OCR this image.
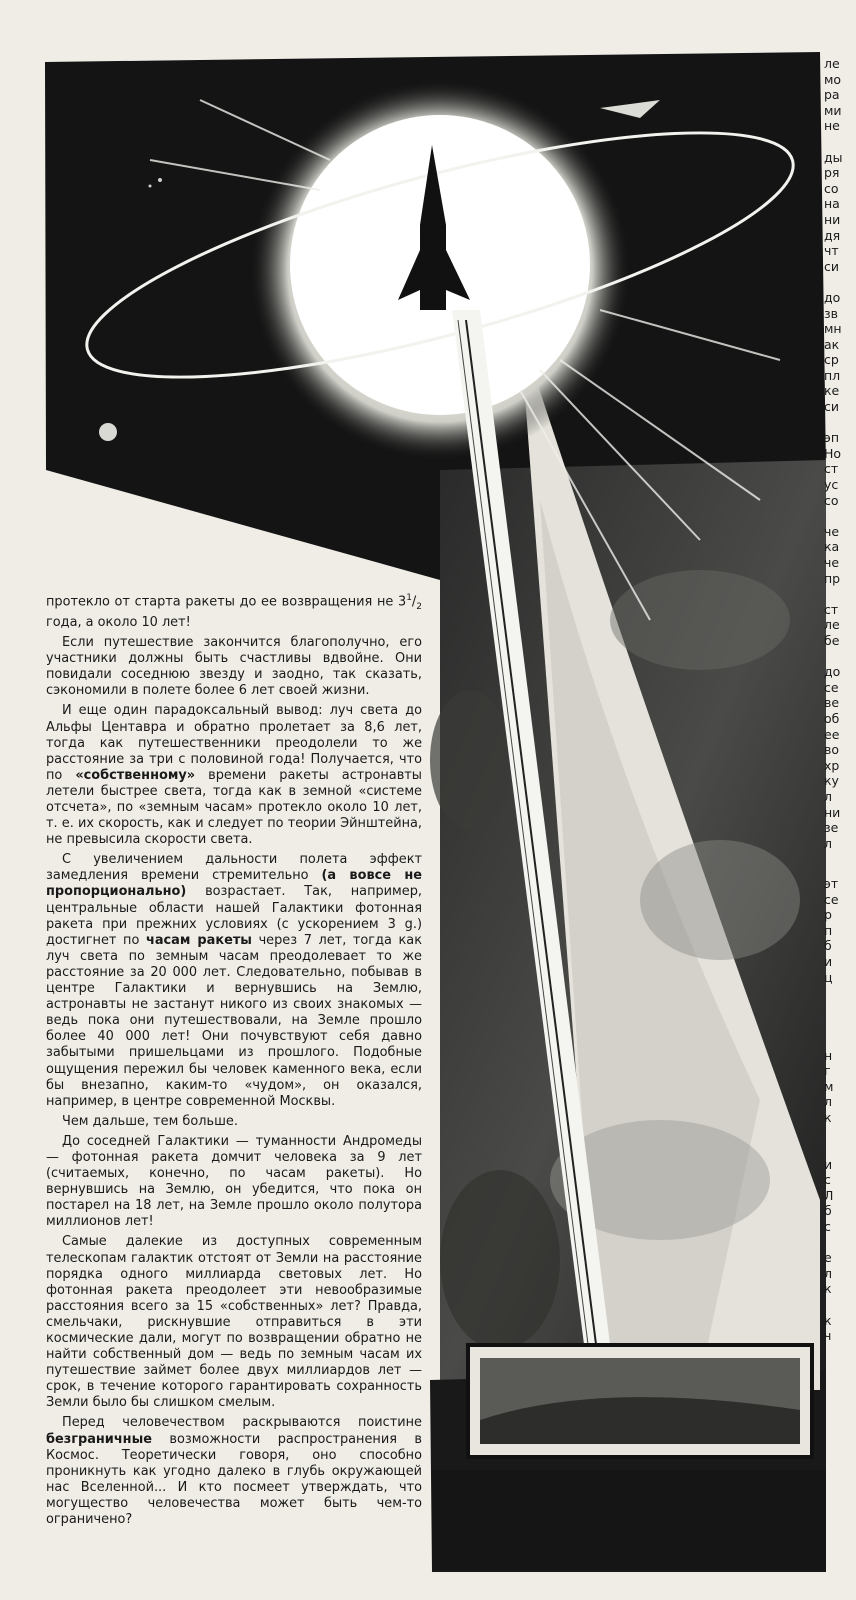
протекло от старта ракеты до ее возвращения не $3^1/_2$ года, а около 10 лет!

Если путешествие закончится благополучно, его участники должны быть счастливы вдвойне. Они повидали соседнюю звезду и заодно, так сказать, сэкономили в полете более 6 лет своей жизни.

И еще один парадоксальный вывод: луч света до Альфы Центавра и обратно пролетает за 8,6 лет, тогда как путешественники преодолели то же расстояние за три с половиной года! Получается, что по «собственному» времени ракеты астронавты летели быстрее света, тогда как в земной «системе отсчета», по «земным часам» протекло около 10 лет, т. е. их скорость, как и следует по теории Эйнштейна, не превысила скорости света.

С увеличением дальности полета эффект замедления времени стремительно (а вовсе не пропорционально) возрастает. Так, например, центральные области нашей Галактики фотонная ракета при прежних условиях (с ускорением 3 g.) достигнет по часам ракеты через 7 лет, тогда как луч света по земным часам преодолевает то же расстояние за 20 000 лет. Следовательно, побывав в центре Галактики и вернувшись на Землю, астронавты не застанут никого из своих знакомых — ведь пока они путешествовали, на Земле прошло более 40 000 лет! Они почувствуют себя давно забытыми пришельцами из прошлого. Подобные ощущения пережил бы человек каменного века, если бы внезапно, каким-то «чудом», он оказался, например, в центре современной Москвы.

Чем дальше, тем больше.

До соседней Галактики — туманности Андромеды — фотонная ракета домчит человека за 9 лет (считаемых, конечно, по часам ракеты). Но вернувшись на Землю, он убедится, что пока он постарел на 18 лет, на Земле прошло около полутора миллионов лет!

Самые далекие из доступных современным телескопам галактик отстоят от Земли на расстояние порядка одного миллиарда световых лет. Но фотонная ракета преодолеет эти невообразимые расстояния всего за 15 «собственных» лет? Правда, смельчаки, рискнувшие отправиться в эти космические дали, могут по возвращении обратно не найти собственный дом — ведь по земным часам их путешествие займет более двух миллиардов лет — срок, в течение которого гарантировать сохранность Земли было бы слишком смелым.

Перед человечеством раскрываются поистине безграничные возможности распространения в Космос. Теоретически говоря, оно способно проникнуть как угодно далеко в глубь окружающей нас Вселенной... И кто посмеет утверждать, что могущество человечества может быть чем-то ограничено?

ле
мо
ра
ми
не
ды
ря
со
на
ни
дя
чт
си
до
зв
мн
ак
ср
пл
ке
си
эп
Но
ст
ус
со
че
ка
че
пр
ст
ле
бе
до
се
ве
об
ее
во
хр
ку
л
ни
зе
л
эт
се
р
п
б
и
ц
н
г
м
л
к
и
с
Л
б
с
е
л
к
к
ч
